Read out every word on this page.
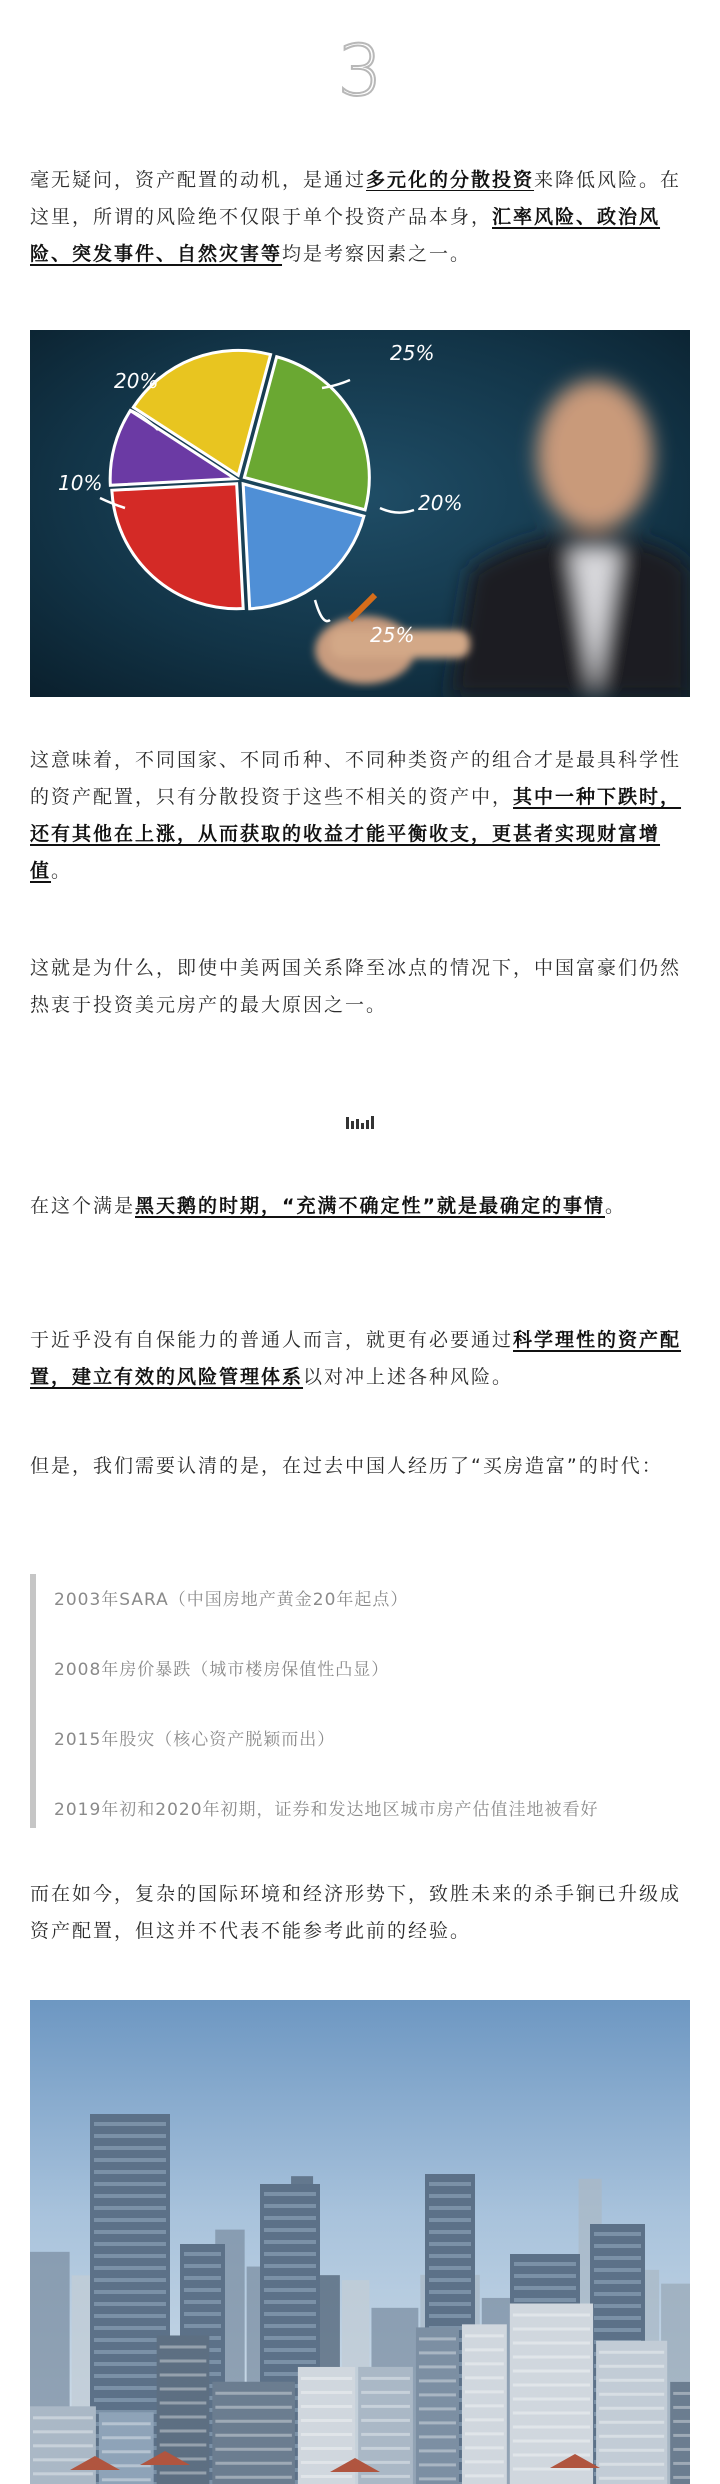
3

毫无疑问，资产配置的动机，是通过多元化的分散投资来降低风险。在这里，所谓的风险绝不仅限于单个投资产品本身，汇率风险、政治风险、突发事件、自然灾害等均是考察因素之一。

25%
20%
25%
10%
20%

这意味着，不同国家、不同币种、不同种类资产的组合才是最具科学性的资产配置，只有分散投资于这些不相关的资产中，其中一种下跌时，还有其他在上涨，从而获取的收益才能平衡收支，更甚者实现财富增值。

这就是为什么，即使中美两国关系降至冰点的情况下，中国富豪们仍然热衷于投资美元房产的最大原因之一。

在这个满是黑天鹅的时期，“充满不确定性”就是最确定的事情。

于近乎没有自保能力的普通人而言，就更有必要通过科学理性的资产配置，建立有效的风险管理体系以对冲上述各种风险。

但是，我们需要认清的是，在过去中国人经历了“买房造富”的时代：

2003年SARA（中国房地产黄金20年起点）
2008年房价暴跌（城市楼房保值性凸显）
2015年股灾（核心资产脱颖而出）
2019年初和2020年初期，证券和发达地区城市房产估值洼地被看好

而在如今，复杂的国际环境和经济形势下，致胜未来的杀手锏已升级成资产配置，但这并不代表不能参考此前的经验。
